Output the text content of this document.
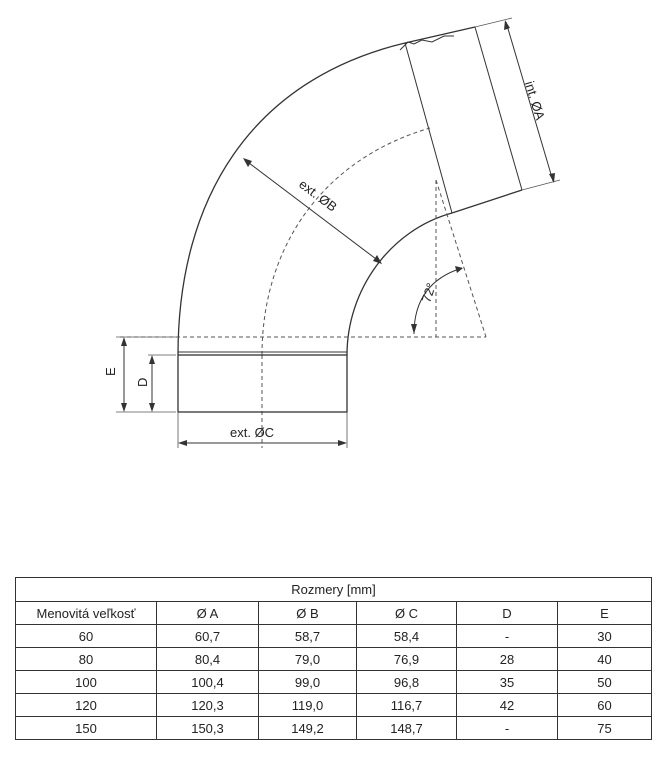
72°
E
D
ext. ØC
ext. ØB
int. ØA
Rozmery [mm]					
Menovitá veľkosť	Ø A	Ø B	Ø C	D	E
60	60,7	58,7	58,4	-	30
80	80,4	79,0	76,9	28	40
100	100,4	99,0	96,8	35	50
120	120,3	119,0	116,7	42	60
150	150,3	149,2	148,7	-	75
